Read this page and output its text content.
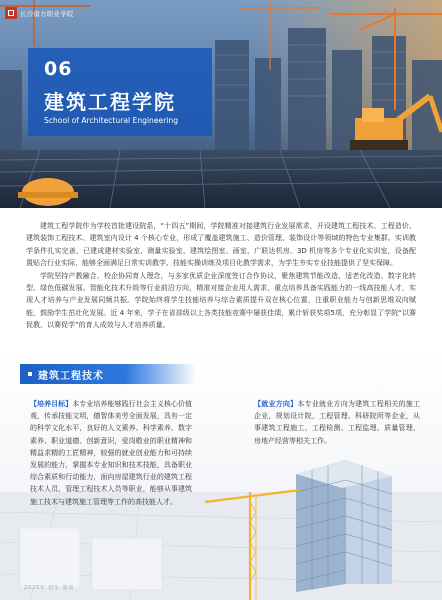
长沙南方职业学院
06
建筑工程学院
School of Architectural Engineering

建筑工程学院作为学校首批建设院系，“十四五”期间，学院精准对接建筑行业发展需求，开设建筑工程技术、工程造价、建筑装饰工程技术、建筑室内设计 4 个核心专业，形成了覆盖建筑施工、造价管理、装饰设计等领域的特色专业集群。实训教学条件扎实完善，已建成建材实验室、测量实验室、建筑绘图室、画室、广联达机房、3D 机房等多个专业化实训室，设备配置贴合行业实际，能够全面满足日常实训教学、技能实操训练及项目化教学需求，为学生夯实专业技能提供了坚实保障。

学院坚持产教融合、校企协同育人理念，与多家优质企业深度签订合作协议，聚焦建筑节能改造、适老化改造、数字化转型、绿色低碳发展、智能化技术升级等行业前沿方向，精准对接企业用人需求，重点培养具备实践能力的一线高技能人才，实现人才培养与产业发展同频共振。学院始终将学生技能培养与综合素质提升双在核心位置，注重职业能力与创新思维双向赋能，鼓励学生茁壮化发展。近 4 年来，学子在省部级以上各类技能竞赛中屡获佳绩，累计斩获奖项5项，充分彰显了学院“以赛促教、以赛促学”的育人成效与人才培养质量。

建筑工程技术
【培养目标】本专业培养能够践行社会主义核心价值观，传承技能文明，德智体美劳全面发展，具有一定的科学文化水平，良好的人文素养、科学素养、数字素养、职业道德、创新意识，爱岗敬业的职业精神和精益求精的工匠精神，较强的就业创业能力和可持续发展的能力，掌握本专业知识和技术技能，具备职业综合素质和行动能力，面向房屋建筑行业的建筑工程技术人员、管理工程技术人员等职业，能够从事建筑施工技术与建筑施工管理等工作的高技能人才。
【就业方向】本专业就业方向为建筑工程相关的施工企业，规划设计院，工程管理、科研院所等企业，从事建筑工程施工、工程检测、工程监理、质量管理、房地产经营等相关工作。
2025年 招生 简章
